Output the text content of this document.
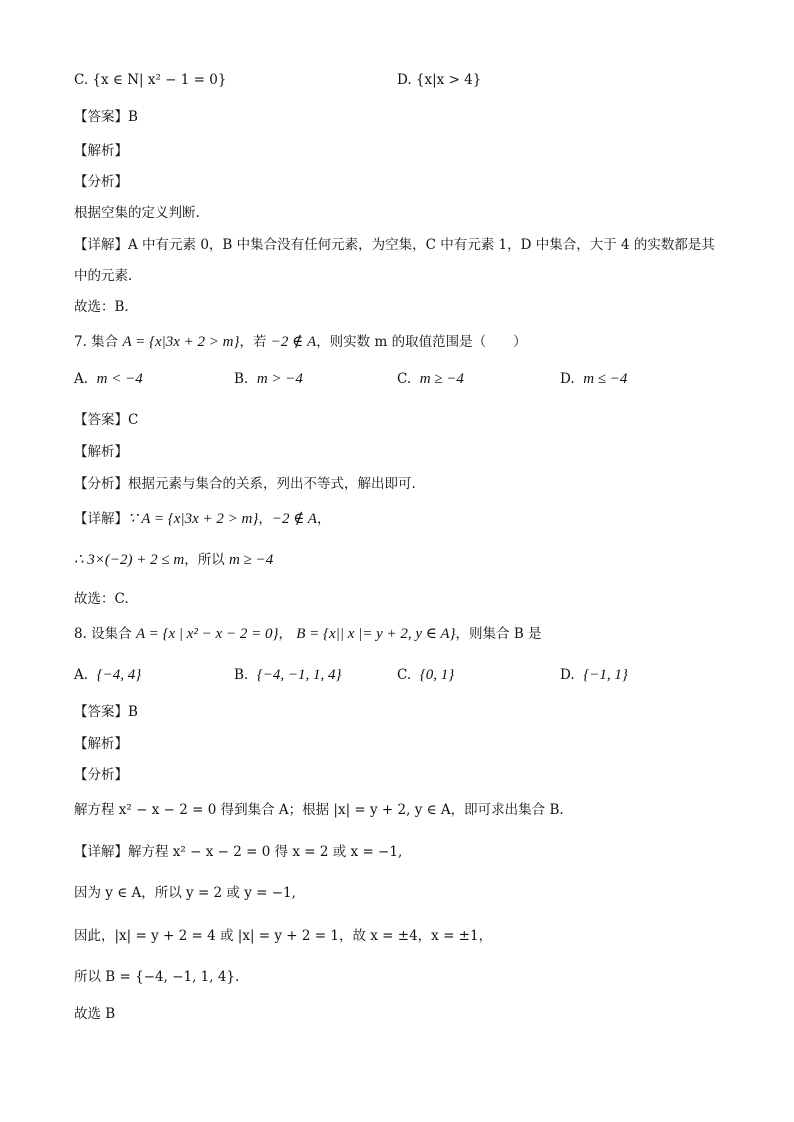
C. {x ∈ N| x² − 1 = 0}	D. {x|x > 4}
【答案】B
【解析】
【分析】
根据空集的定义判断.
【详解】A 中有元素 0，B 中集合没有任何元素，为空集，C 中有元素 1，D 中集合，大于 4 的实数都是其
中的元素.
故选：B.
7. 集合 A = {x|3x + 2 > m}，若 −2 ∉ A，则实数 m 的取值范围是（　　）
A. m < −4	B. m > −4	C. m ≥ −4	D. m ≤ −4
【答案】C
【解析】
【分析】根据元素与集合的关系，列出不等式，解出即可.
【详解】∵ A = {x|3x + 2 > m}，−2 ∉ A，
∴ 3×(−2) + 2 ≤ m，所以 m ≥ −4
故选：C.
8. 设集合 A = {x | x² − x − 2 = 0}， B = {x|| x |= y + 2, y ∈ A}，则集合 B 是
A. {−4, 4}	B. {−4, −1, 1, 4}	C. {0, 1}	D. {−1, 1}
【答案】B
【解析】
【分析】
解方程 x² − x − 2 = 0 得到集合 A；根据 |x| = y + 2, y ∈ A，即可求出集合 B.
【详解】解方程 x² − x − 2 = 0 得 x = 2 或 x = −1,
因为 y ∈ A，所以 y = 2 或 y = −1,
因此，|x| = y + 2 = 4 或 |x| = y + 2 = 1，故 x = ±4，x = ±1，
所以 B = {−4, −1, 1, 4}.
故选 B
